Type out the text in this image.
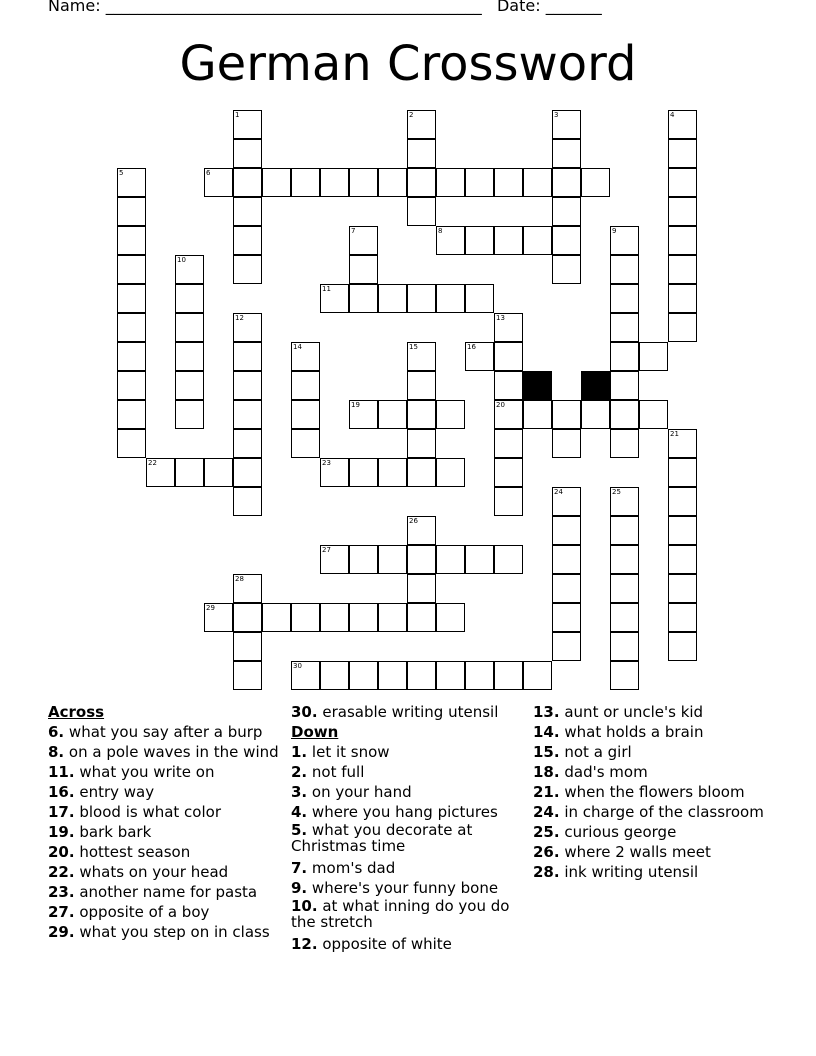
Name: _______________________________________________ Date: _______
German Crossword
1	2	3	4
5	6
7	8	9
10
11
12	13
14	15	16
19	20
21
22	23
24	25
26
27
28
29
30
Across
6. what you say after a burp
8. on a pole waves in the wind
11. what you write on
16. entry way
17. blood is what color
19. bark bark
20. hottest season
22. whats on your head
23. another name for pasta
27. opposite of a boy
29. what you step on in class
30. erasable writing utensil
Down
1. let it snow
2. not full
3. on your hand
4. where you hang pictures
5. what you decorate at Christmas time
7. mom's dad
9. where's your funny bone
10. at what inning do you do the stretch
12. opposite of white
13. aunt or uncle's kid
14. what holds a brain
15. not a girl
18. dad's mom
21. when the flowers bloom
24. in charge of the classroom
25. curious george
26. where 2 walls meet
28. ink writing utensil
